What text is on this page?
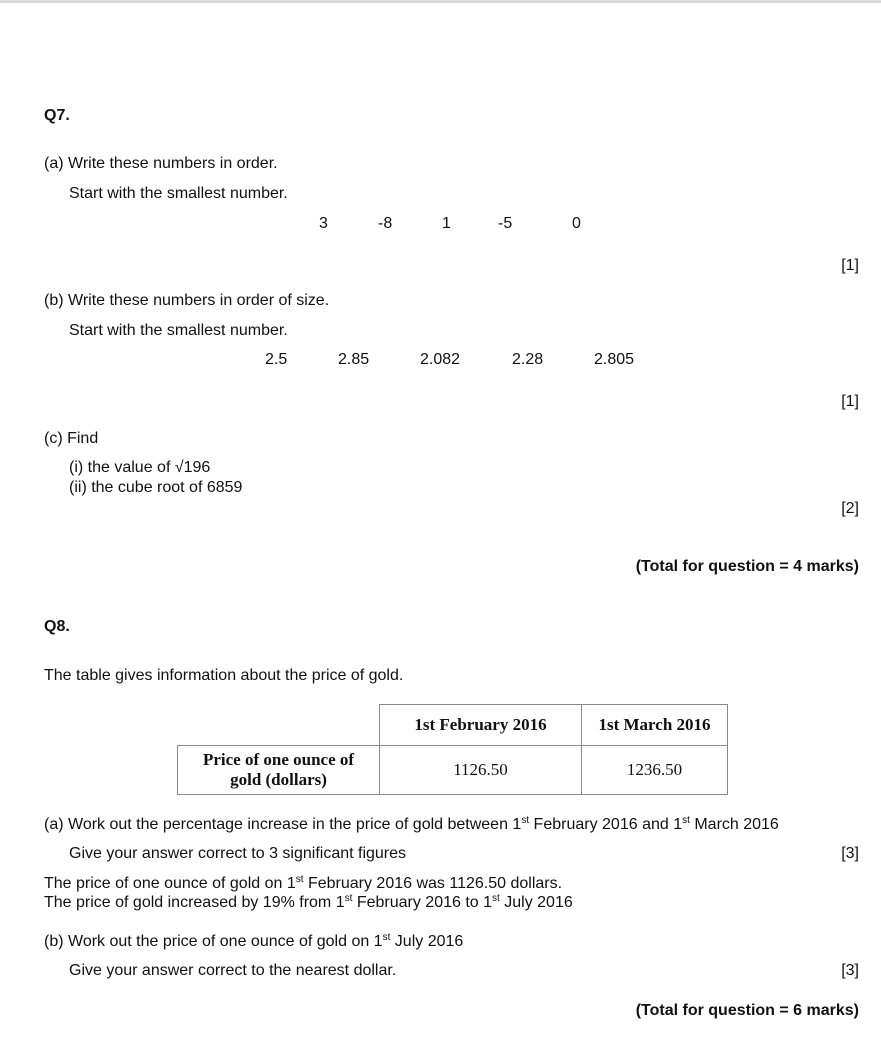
Q7.
(a) Write these numbers in order.
Start with the smallest number.
3	-8	1	-5	0
[1]
(b) Write these numbers in order of size.
Start with the smallest number.
2.5	2.85	2.082	2.28	2.805
[1]
(c) Find
(i) the value of √196
(ii) the cube root of 6859
[2]
(Total for question = 4 marks)
Q8.
The table gives information about the price of gold.
	1st February 2016	1st March 2016

Price of one ounce of
gold (dollars)	1126.50	1236.50
(a) Work out the percentage increase in the price of gold between 1st February 2016 and 1st March 2016
Give your answer correct to 3 significant figures	[3]
The price of one ounce of gold on 1st February 2016 was 1126.50 dollars.
The price of gold increased by 19% from 1st February 2016 to 1st July 2016
(b) Work out the price of one ounce of gold on 1st July 2016
Give your answer correct to the nearest dollar.	[3]
(Total for question = 6 marks)
